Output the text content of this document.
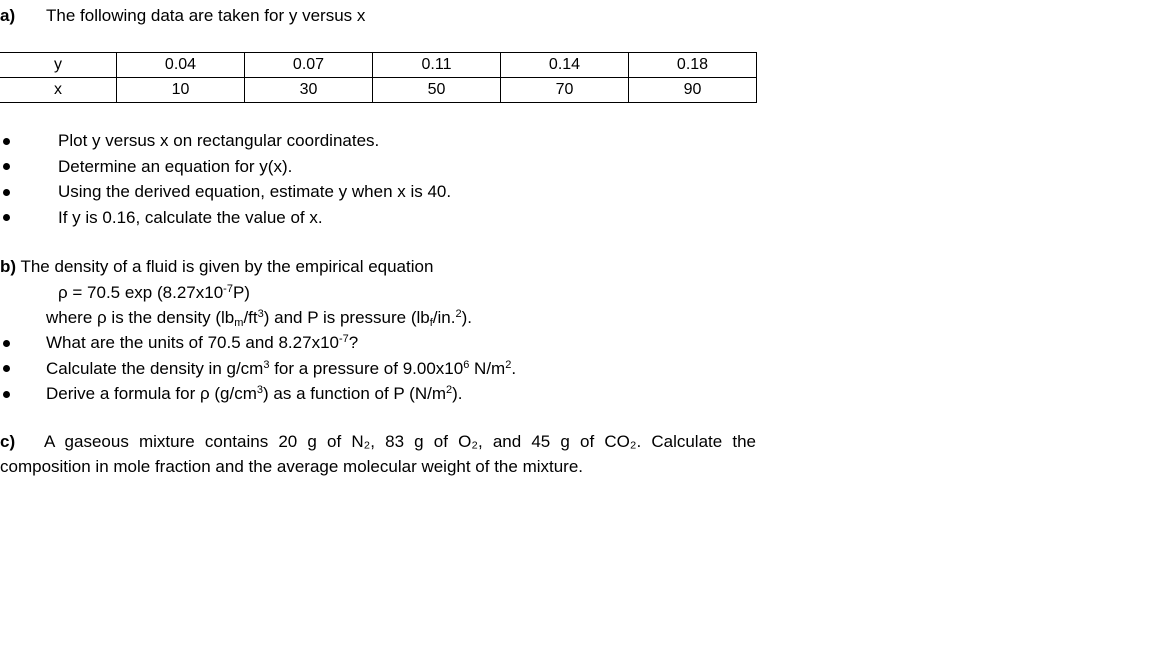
a) The following data are taken for y versus x
y	0.04	0.07	0.11	0.14	0.18
x	10	30	50	70	90
Plot y versus x on rectangular coordinates.
Determine an equation for y(x).
Using the derived equation, estimate y when x is 40.
If y is 0.16, calculate the value of x.
b) The density of a fluid is given by the empirical equation
ρ = 70.5 $\exp (8.27x10^{-7}P)$
where ρ is the density $(lb_m/ft^3)$ and P is pressure $(lb_f/in.^2)$.
What are the units of 70.5 and $8.27x10^{-7}$?
Calculate the density in $g/cm^3$ for a pressure of $9.00x10^6$ $N/m^2$.
Derive a formula for ρ $(g/cm^3)$ as a function of P $(N/m^2)$.
c) A gaseous mixture contains 20 g of N₂, 83 g of O₂, and 45 g of CO₂. Calculate the
composition in mole fraction and the average molecular weight of the mixture.
